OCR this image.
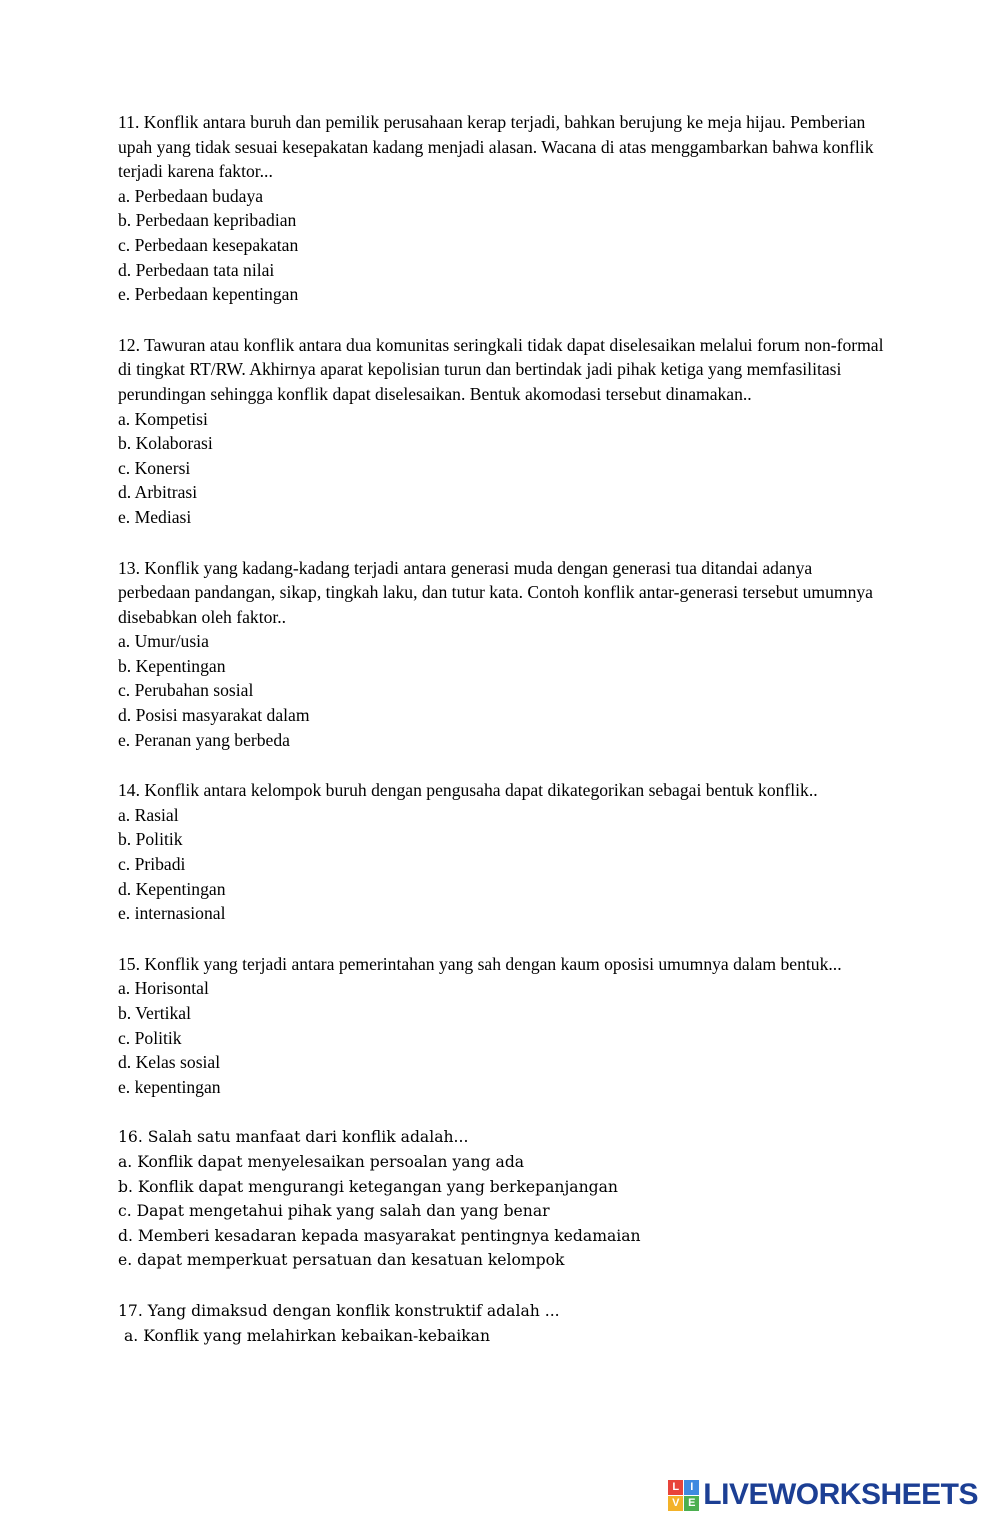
11. Konflik antara buruh dan pemilik perusahaan kerap terjadi, bahkan berujung ke meja hijau. Pemberian upah yang tidak sesuai kesepakatan kadang menjadi alasan. Wacana di atas menggambarkan bahwa konflik terjadi karena faktor...

a. Perbedaan budaya
b. Perbedaan kepribadian
c. Perbedaan kesepakatan
d. Perbedaan tata nilai
e. Perbedaan kepentingan

12. Tawuran atau konflik antara dua komunitas seringkali tidak dapat diselesaikan melalui forum non-formal di tingkat RT/RW. Akhirnya aparat kepolisian turun dan bertindak jadi pihak ketiga yang memfasilitasi perundingan sehingga konflik dapat diselesaikan. Bentuk akomodasi tersebut dinamakan..

a. Kompetisi
b. Kolaborasi
c. Konersi
d. Arbitrasi
e. Mediasi

13. Konflik yang kadang-kadang terjadi antara generasi muda dengan generasi tua ditandai adanya perbedaan pandangan, sikap, tingkah laku, dan tutur kata. Contoh konflik antar-generasi tersebut umumnya disebabkan oleh faktor..

a. Umur/usia
b. Kepentingan
c. Perubahan sosial
d. Posisi masyarakat dalam
e. Peranan yang berbeda

14. Konflik antara kelompok buruh dengan pengusaha dapat dikategorikan sebagai bentuk konflik..

a. Rasial
b. Politik
c. Pribadi
d. Kepentingan
e. internasional

15. Konflik yang terjadi antara pemerintahan yang sah dengan kaum oposisi umumnya dalam bentuk...

a. Horisontal
b. Vertikal
c. Politik
d. Kelas sosial
e. kepentingan

16. Salah satu manfaat dari konflik adalah...

a. Konflik dapat menyelesaikan persoalan yang ada
b. Konflik dapat mengurangi ketegangan yang berkepanjangan
c. Dapat mengetahui pihak yang salah dan yang benar
d. Memberi kesadaran kepada masyarakat pentingnya kedamaian
e. dapat memperkuat persatuan dan kesatuan kelompok

17. Yang dimaksud dengan konflik konstruktif adalah ...

a. Konflik yang melahirkan kebaikan-kebaikan
L	I
V E LIVEWORKSHEETS
